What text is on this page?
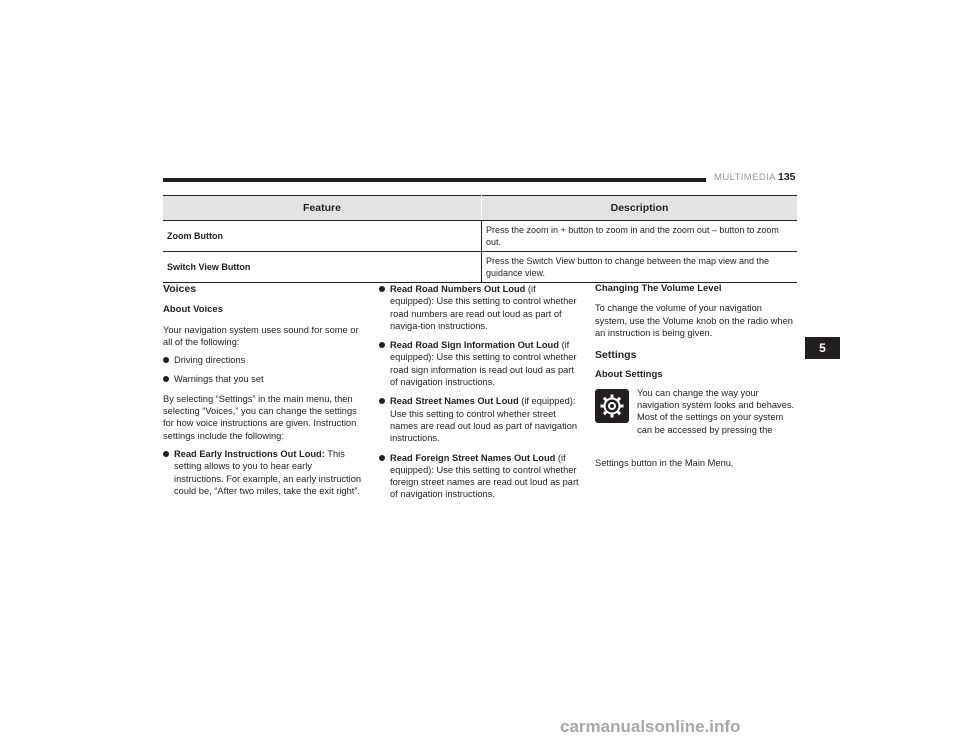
MULTIMEDIA 135
Feature	Description
Zoom Button	Press the zoom in + button to zoom in and the zoom out – button to zoom out.
Switch View Button	Press the Switch View button to change between the map view and the guidance view.
Voices
About Voices

Your navigation system uses sound for some or all of the following:

Driving directions
Warnings that you set

By selecting “Settings” in the main menu, then selecting “Voices,” you can change the settings for how voice instructions are given. Instruction settings include the following:

Read Early Instructions Out Loud: This setting allows to you to hear early instructions. For example, an early instruction could be, “After two miles, take the exit right”.
Read Road Numbers Out Loud (if equipped): Use this setting to control whether road numbers are read out loud as part of naviga-tion instructions.
Read Road Sign Information Out Loud (if equipped): Use this setting to control whether road sign information is read out loud as part of navigation instructions.
Read Street Names Out Loud (if equipped): Use this setting to control whether street names are read out loud as part of navigation instructions.
Read Foreign Street Names Out Loud (if equipped): Use this setting to control whether foreign street names are read out loud as part of navigation instructions.
Changing The Volume Level

To change the volume of your navigation system, use the Volume knob on the radio when an instruction is being given.

Settings
About Settings
You can change the way your navigation system looks and behaves. Most of the settings on your system can be accessed by pressing the
Settings button in the Main Menu.
5
carmanualsonline.info
